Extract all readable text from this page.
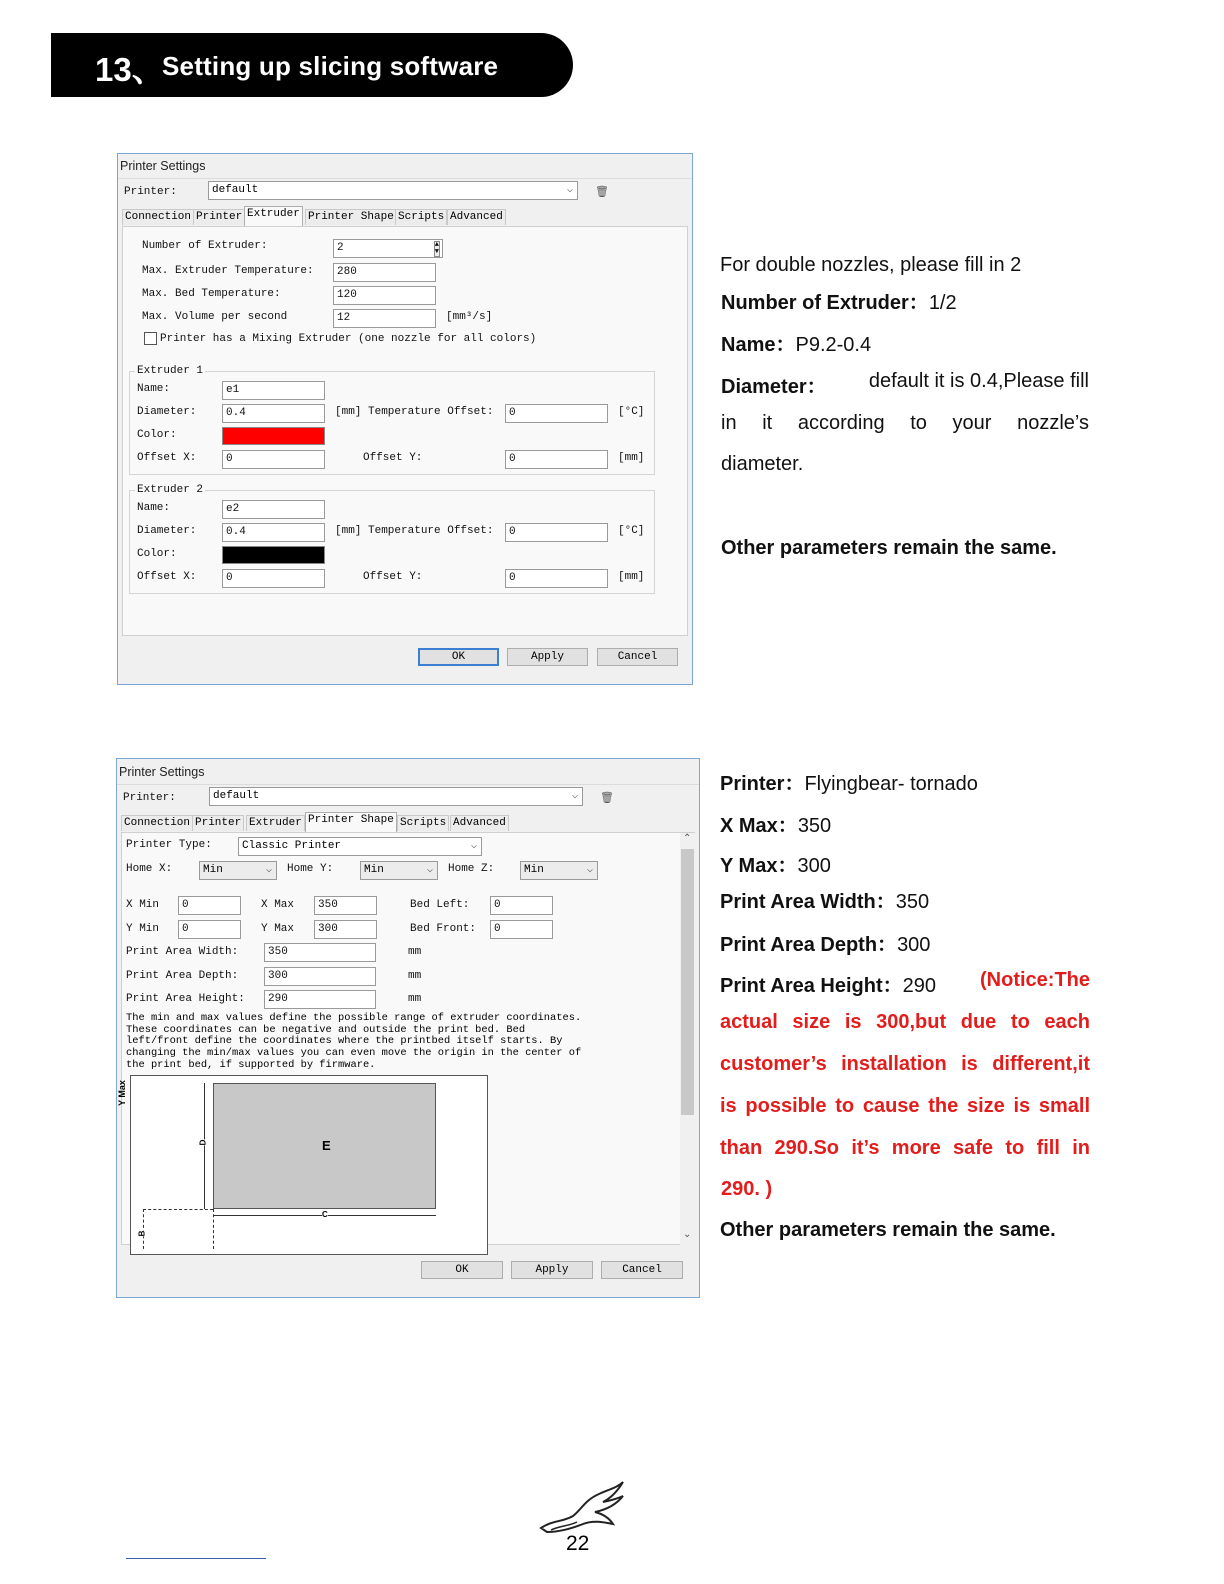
13、
Setting up slicing software
Printer Settings
Printer:	default	⌵ 🗑
Connection Printer Extruder Printer Shape Scripts Advanced
Number of Extruder:	2	▲
▼
Max. Extruder Temperature:	280
Max. Bed Temperature:	120
Max. Volume per second	12	[mm³/s]
Printer has a Mixing Extruder (one nozzle for all colors)
Extruder 1
Name:	e1
Diameter:	0.4	[mm] Temperature Offset:	0	[°C]
Color:
Offset X:	0	Offset Y:	0	[mm]
Extruder 2
Name:	e2
Diameter:	0.4	[mm] Temperature Offset:	0	[°C]
Color:
Offset X:	0	Offset Y:	0	[mm]
OK	Apply	Cancel
For double nozzles, please fill in 2
Number of Extruder：1/2
Name：P9.2-0.4
Diameter： default it is 0.4,Please fill
in it according to your nozzle’s
diameter.
Other parameters remain the same.
Printer Settings
Printer:	default	⌵ 🗑
Connection Printer Extruder Printer Shape Scripts Advanced
Printer Type:	Classic Printer	⌵
Home X:	Min	⌵ Home Y:	Min	⌵ Home Z:	Min	⌵
X Min	0
Y Min	0
X Max	350
Y Max	300
Bed Left:	0
Bed Front:	0
Print Area Width:	350	mm
Print Area Depth:	300	mm
Print Area Height:	290	mm
The min and max values define the possible range of extruder coordinates.
These coordinates can be negative and outside the print bed. Bed
left/front define the coordinates where the printbed itself starts. By
changing the min/max values you can even move the origin in the center of
the print bed, if supported by firmware.
Y Max
E
D
C
B
⌃
⌄
OK	Apply	Cancel
Printer：Flyingbear- tornado
X Max：350
Y Max：300
Print Area Width：350
Print Area Depth：300
Print Area Height：290 (Notice:The
actual size is 300,but due to each
customer’s installation is different,it
is possible to cause the size is small
than 290.So it’s more safe to fill in
290. )
Other parameters remain the same.
22
